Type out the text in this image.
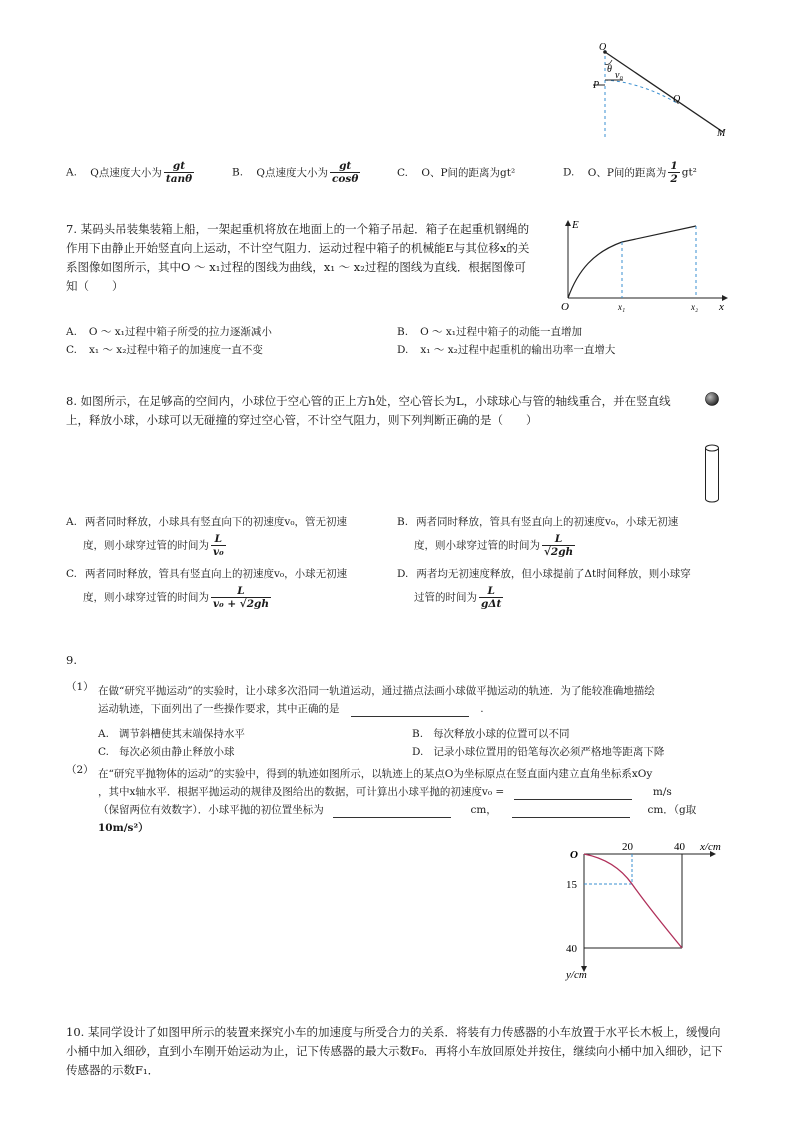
O
θ
v₀
P
Q
M
A. Q点速度大小为 $\frac{gt}{\tan\theta}$	B. Q点速度大小为 $\frac{gt}{\cos\theta}$	C. O、P间的距离为gt²	D. O、P间的距离为 $\frac{1}{2} gt^2$
7. 某码头吊装集装箱上船，一架起重机将放在地面上的一个箱子吊起．箱子在起重机钢绳的作用下由静止开始竖直向上运动，不计空气阻力．运动过程中箱子的机械能E与其位移x的关系图像如图所示，其中O ～ x₁过程的图线为曲线，x₁ ～ x₂过程的图线为直线．根据图像可知（　　）
E
O	x₁	x₂ x
A. O ～ x₁过程中箱子所受的拉力逐渐减小	B. O ～ x₁过程中箱子的动能一直增加
C. x₁ ～ x₂过程中箱子的加速度一直不变	D. x₁ ～ x₂过程中起重机的输出功率一直增大
8. 如图所示，在足够高的空间内，小球位于空心管的正上方h处，空心管长为L，小球球心与管的轴线重合，并在竖直线上，释放小球，小球可以无碰撞的穿过空心管，不计空气阻力，则下列判断正确的是（　　）
A. 两者同时释放，小球具有竖直向下的初速度v₀，管无初速
度，则小球穿过管的时间为 $\frac{L}{\text{v₀}}$
B. 两者同时释放，管具有竖直向上的初速度v₀，小球无初速
度，则小球穿过管的时间为 $\frac{L}{√2gh}$
C. 两者同时释放，管具有竖直向上的初速度v₀，小球无初速
度，则小球穿过管的时间为 $\frac{L}{\text{v₀ + √2gh}}$
D. 两者均无初速度释放，但小球提前了Δt时间释放，则小球穿
过管的时间为 $\frac{L}{\text{gΔt}}$
9.
（1） 在做“研究平抛运动”的实验时，让小球多次沿同一轨道运动，通过描点法画小球做平抛运动的轨迹．为了能较准确地描绘
运动轨迹，下面列出了一些操作要求，其中正确的是	.
A. 调节斜槽使其末端保持水平	B. 每次释放小球的位置可以不同
C. 每次必须由静止释放小球	D. 记录小球位置用的铅笔每次必须严格地等距离下降
（2） 在“研究平抛物体的运动”的实验中，得到的轨迹如图所示，以轨迹上的某点O为坐标原点在竖直面内建立直角坐标系xOy
，其中x轴水平．根据平抛运动的规律及图给出的数据，可计算出小球平抛的初速度v₀ =	m/s
（保留两位有效数字）．小球平抛的初位置坐标为	cm，	cm．（g取
10m/s²）
20	40 x/cm
O
15
40
y/cm
10. 某同学设计了如图甲所示的装置来探究小车的加速度与所受合力的关系．将装有力传感器的小车放置于水平长木板上，缓慢向小桶中加入细砂，直到小车刚开始运动为止，记下传感器的最大示数F₀．再将小车放回原处并按住，继续向小桶中加入细砂，记下传感器的示数F₁．
